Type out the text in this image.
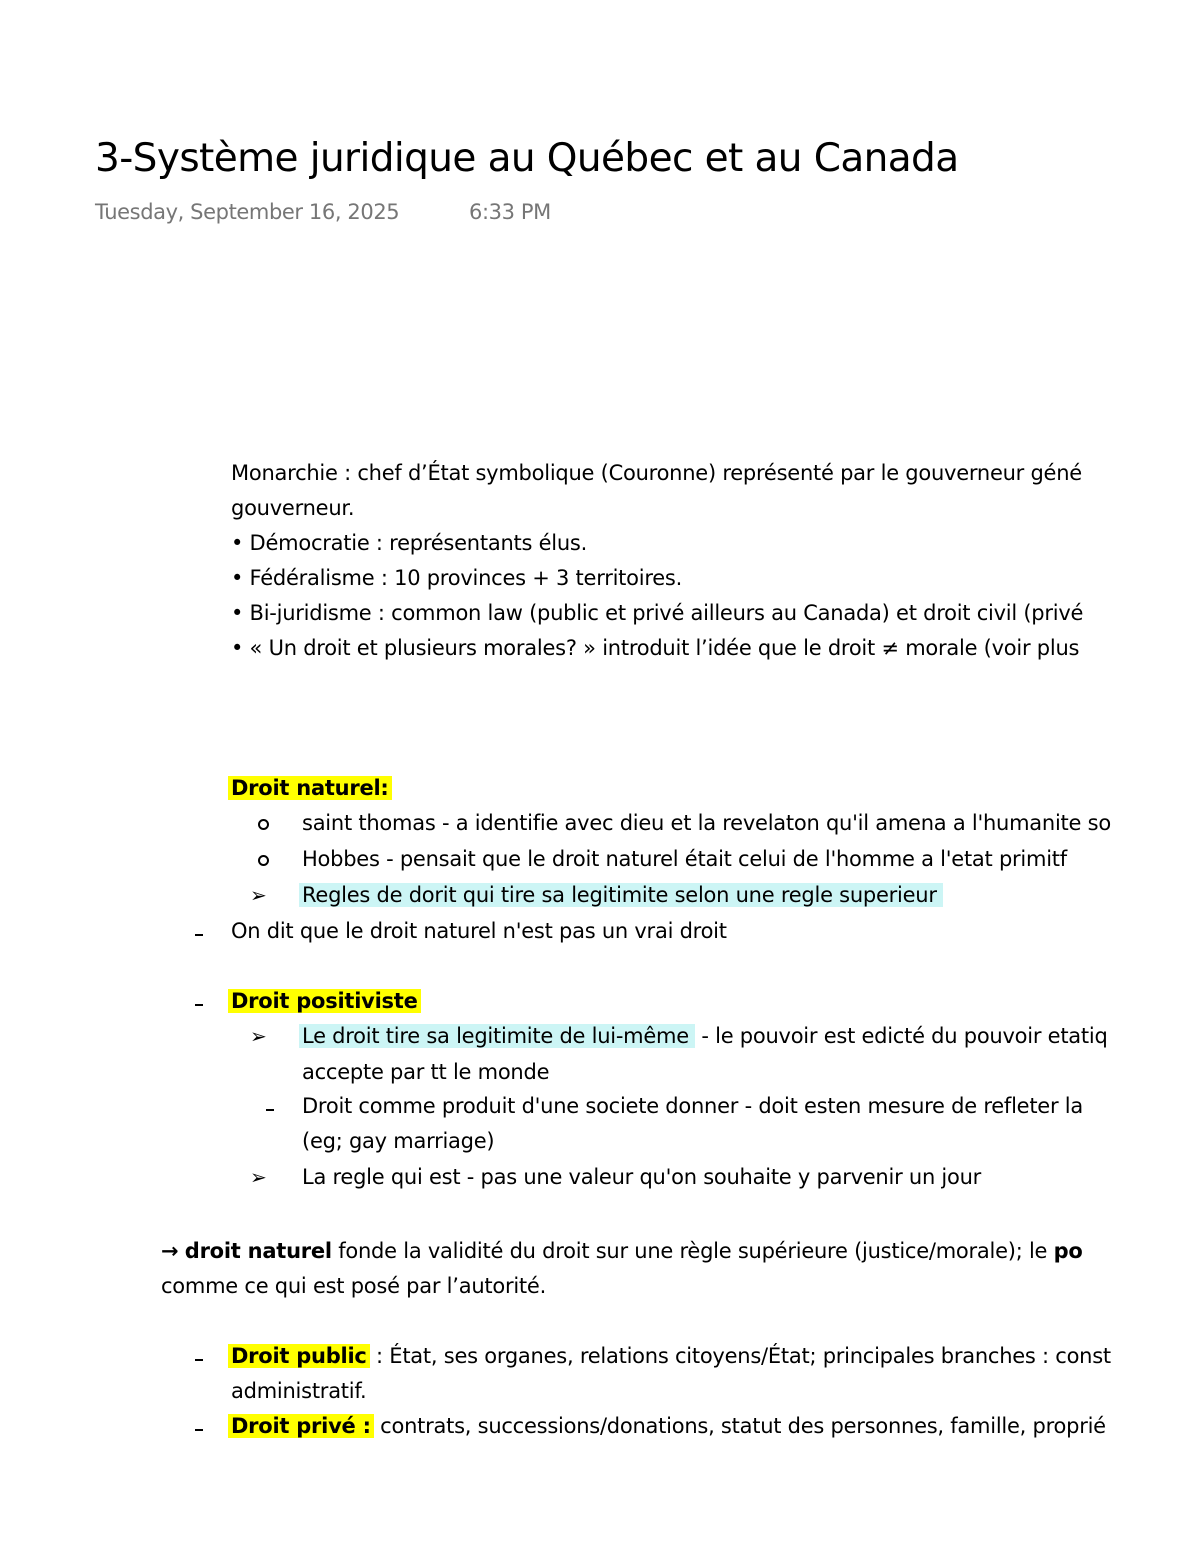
3-Système juridique au Québec et au Canada
Tuesday, September 16, 2025	6:33 PM
Monarchie : chef d’État symbolique (Couronne) représenté par le gouverneur géné
gouverneur.
• Démocratie : représentants élus.
• Fédéralisme : 10 provinces + 3 territoires.
• Bi-juridisme : common law (public et privé ailleurs au Canada) et droit civil (privé
• « Un droit et plusieurs morales? » introduit l’idée que le droit ≠ morale (voir plus
Droit naturel:
saint thomas - a identifie avec dieu et la revelaton qu'il amena a l'humanite so
Hobbes - pensait que le droit naturel était celui de l'homme a l'etat primitf
➢ Regles de dorit qui tire sa legitimite selon une regle superieur
On dit que le droit naturel n'est pas un vrai droit
Droit positiviste
➢ Le droit tire sa legitimite de lui-même - le pouvoir est edicté du pouvoir etatiq
accepte par tt le monde
Droit comme produit d'une societe donner - doit esten mesure de refleter la
(eg; gay marriage)
➢ La regle qui est - pas une valeur qu'on souhaite y parvenir un jour
→ droit naturel fonde la validité du droit sur une règle supérieure (justice/morale); le po
comme ce qui est posé par l’autorité.
Droit public : État, ses organes, relations citoyens/État; principales branches : const
administratif.
Droit privé : contrats, successions/donations, statut des personnes, famille, proprié
